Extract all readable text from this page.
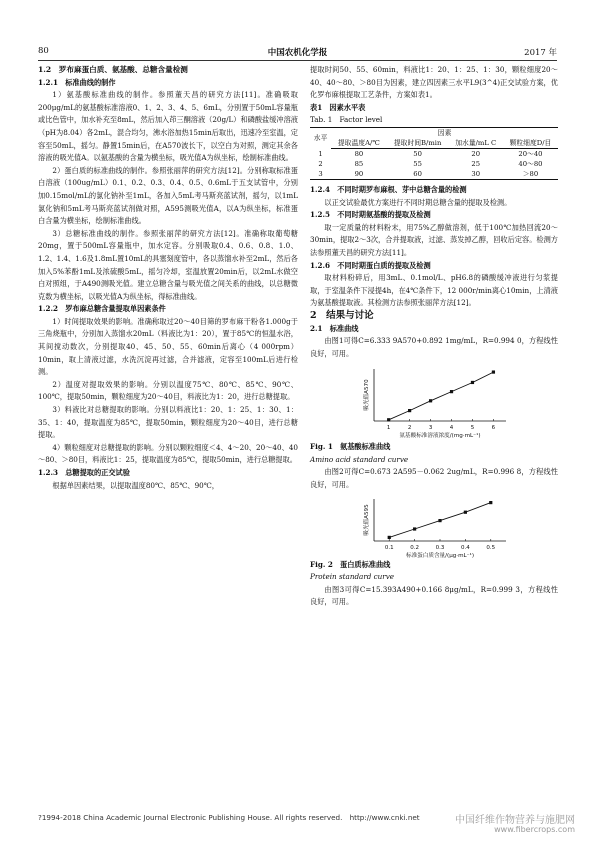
80	中国农机化学报	2017 年

1.2　罗布麻蛋白质、氨基酸、总糖含量检测

1.2.1　标准曲线的制作

1）氨基酸标准曲线的制作。参照董天昌的研究方法[11]。准确吸取200μg/mL的氨基酸标准溶液0、1、2、3、4、5、6mL，分别置于50mL容量瓶或比色管中，加水补充至8mL，然后加入茚三酮溶液（20g/L）和磷酸盐缓冲溶液（pH为8.04）各2mL，混合均匀，沸水浴加热15min后取出，迅速冷至室温，定容至50mL，摇匀。静置15min后，在A570波长下，以空白为对照，测定其余各溶液的吸光值A。以氨基酸的含量为横坐标，吸光值A为纵坐标，绘制标准曲线。

2）蛋白质的标准曲线的制作。参照张丽萍的研究方法[12]。分别称取标准蛋白溶液（100ug/mL）0.1、0.2、0.3、0.4、0.5、0.6mL于五支试管中，分别加0.15mol/mL的氯化钠补至1mL，各加入5mL考马斯亮蓝试剂，摇匀，以1mL氯化钠和5mL考马斯亮蓝试剂做对照，A595测吸光值A，以A为纵坐标，标准蛋白含量为横坐标，绘制标准曲线。

3）总糖标准曲线的制作。参照张丽萍的研究方法[12]。准确称取葡萄糖20mg，置于500mL容量瓶中，加水定容。分别吸取0.4、0.6、0.8、1.0、1.2、1.4、1.6及1.8mL置10mL的具塞刻度管中，各以蒸馏水补至2mL，然后各加入5%苯酚1mL及浓硫酸5mL，摇匀冷却，室温放置20min后，以2mL水做空白对照组，于A490测吸光值。建立总糖含量与吸光值之间关系的曲线，以总糖微克数为横坐标，以吸光值A为纵坐标，得标准曲线。

1.2.2　罗布麻总糖含量提取单因素条件

1）时间提取效果的影响。准确称取过20～40目筛的罗布麻干粉各1.000g于三角烧瓶中，分别加入蒸馏水20mL（料液比为1：20），置于85℃的恒温水浴，其间搅动数次，分别提取40、45、50、55、60min后离心（4 000rpm）10min，取上清液过滤，水洗沉淀再过滤，合并滤液，定容至100mL后进行检测。

2）温度对提取效果的影响。分别以温度75℃、80℃、85℃、90℃、100℃，提取50min，颗粒细度为20～40目，料液比为1：20，进行总糖提取。

3）料液比对总糖提取的影响。分别以料液比1：20、1：25、1：30、1：35、1：40，提取温度为85℃，提取50min，颗粒细度为20～40目，进行总糖提取。

4）颗粒细度对总糖提取的影响。分别以颗粒细度＜4、4～20、20～40、40～80、＞80目，料液比1：25，提取温度为85℃，提取50min，进行总糖提取。

1.2.3　总糖提取的正交试验

根据单因素结果，以提取温度80℃、85℃、90℃，

提取时间50、55、60min，料液比1：20、1：25、1：30，颗粒细度20～40、40～80、＞80目为因素，建立四因素三水平L9(3^4)正交试验方案，优化罗布麻根提取工艺条件，方案如表1。

表1　因素水平表

Tab. 1　Factor level

水平	因素			
	提取温度A/℃	提取时间B/min	加水量/mL C	颗粒细度D/目
1	80	50	20	20～40
2	85	55	25	40～80
3	90	60	30	＞80

1.2.4　不同时期罗布麻根、芽中总糖含量的检测

以正交试验最优方案进行不同时期总糖含量的提取及检测。

1.2.5　不同时期氨基酸的提取及检测

取一定质量的材料粉末，用75%乙醇做溶剂，低于100℃加热回流20～30min，提取2～3次，合并提取液，过滤、蒸发掉乙醇，回收后定容。检测方法参照董天昌的研究方法[11]。

1.2.6　不同时期蛋白质的提取及检测

取材料粉碎后，用3mL、0.1mol/L、pH6.8的磷酸缓冲液进行匀浆提取，于室温条件下浸提4h，在4℃条件下，12 000r/min离心10min，上清液为氨基酸提取液。其检测方法参照张丽萍方法[12]。

2　结果与讨论

2.1　标准曲线

由图1可得C=6.333 9A570+0.892 1mg/mL，R=0.994 0，方程线性良好，可用。

1	2	3	4	5	6
氨基酸标准溶液浓度/(mg·mL⁻¹)
吸光值A570

Fig. 1　氨基酸标准曲线

Amino acid standard curve

由图2可得C=0.673 2A595－0.062 2ug/mL，R=0.996 8，方程线性良好，可用。

0.1	0.2	0.3	0.4	0.5
标准蛋白质含量/(μg·mL⁻¹)
吸光值A595

Fig. 2　蛋白质标准曲线

Protein standard curve

由图3可得C=15.393A490+0.166 8μg/mL，R=0.999 3，方程线性良好，可用。

?1994-2018 China Academic Journal Electronic Publishing House. All rights reserved.　http://www.cnki.net	中国纤维作物营养与施肥网
www.fibercrops.com
